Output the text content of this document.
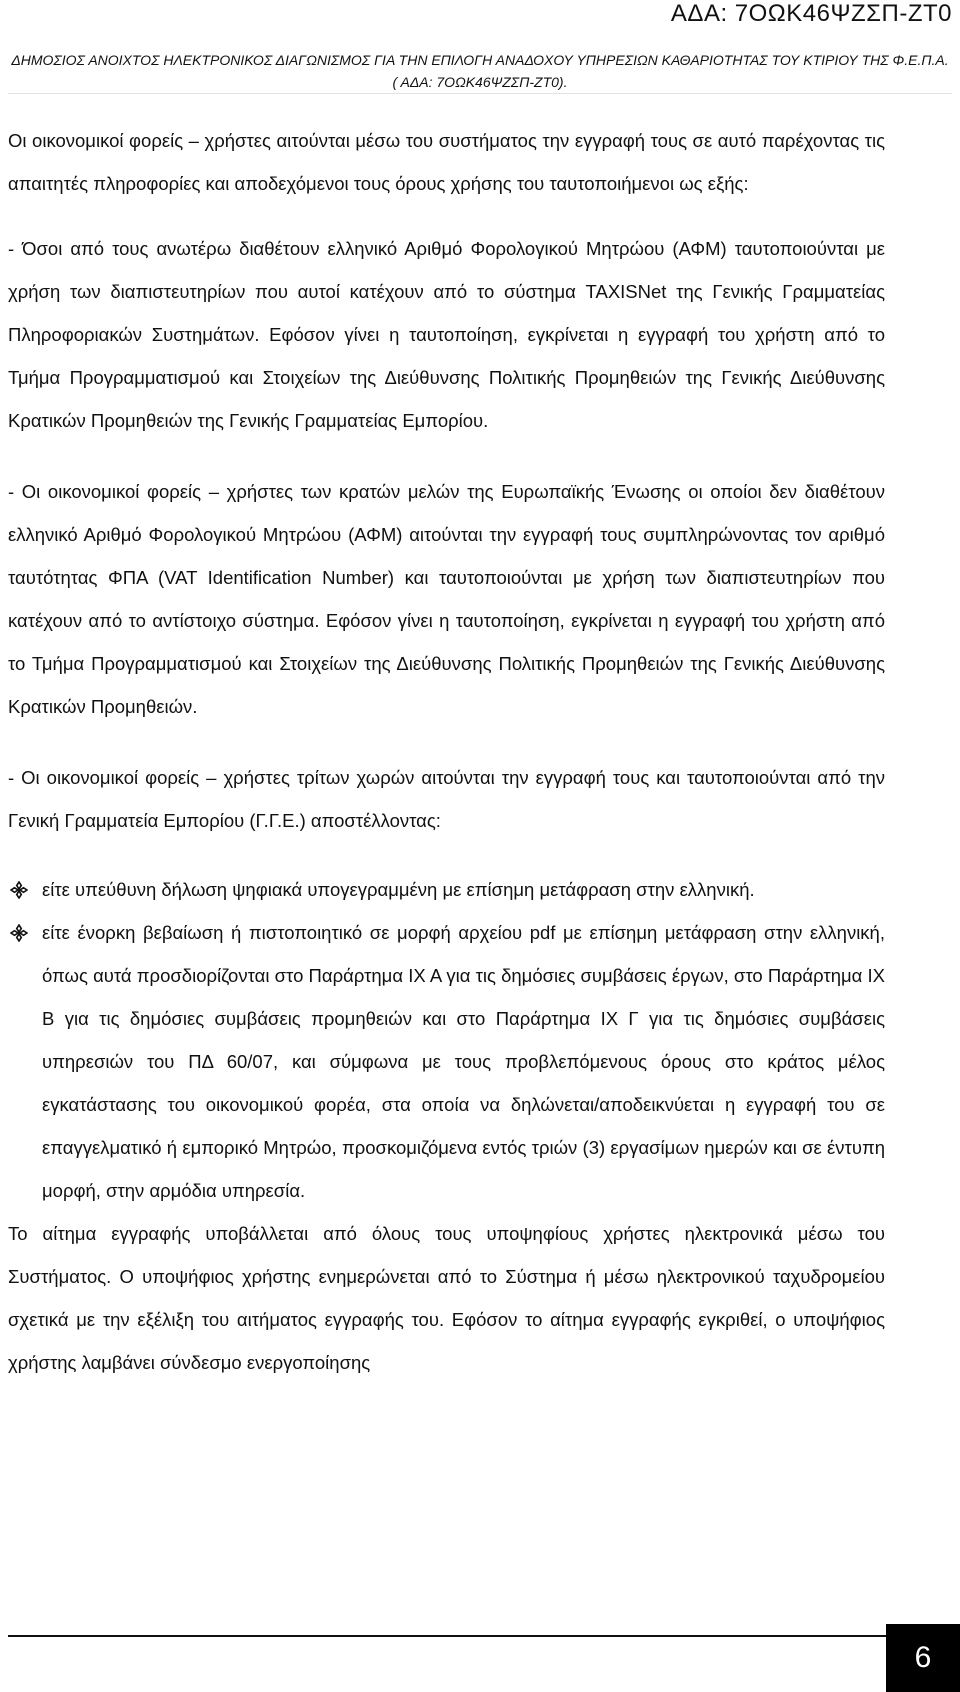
ΑΔΑ: 7ΟΩΚ46ΨΖΣΠ-ΖΤ0
ΔΗΜΟΣΙΟΣ ΑΝΟΙΧΤΟΣ ΗΛΕΚΤΡΟΝΙΚΟΣ ΔΙΑΓΩΝΙΣΜΟΣ ΓΙΑ ΤΗΝ ΕΠΙΛΟΓΗ ΑΝΑΔΟΧΟΥ ΥΠΗΡΕΣΙΩΝ ΚΑΘΑΡΙΟΤΗΤΑΣ ΤΟΥ ΚΤΙΡΙΟΥ ΤΗΣ Φ.Ε.Π.Α. ( ΑΔΑ: 7ΟΩΚ46ΨΖΣΠ-ΖΤ0).

Οι οικονομικοί φορείς – χρήστες αιτούνται μέσω του συστήματος την εγγραφή τους σε αυτό παρέχοντας τις απαιτητές πληροφορίες και αποδεχόμενοι τους όρους χρήσης του ταυτοποιήμενοι ως εξής:

- Όσοι από τους ανωτέρω διαθέτουν ελληνικό Αριθμό Φορολογικού Μητρώου (ΑΦΜ) ταυτοποιούνται με χρήση των διαπιστευτηρίων που αυτοί κατέχουν από το σύστημα TAXISNet της Γενικής Γραμματείας Πληροφοριακών Συστημάτων. Εφόσον γίνει η ταυτοποίηση, εγκρίνεται η εγγραφή του χρήστη από το Τμήμα Προγραμματισμού και Στοιχείων της Διεύθυνσης Πολιτικής Προμηθειών της Γενικής Διεύθυνσης Κρατικών Προμηθειών της Γενικής Γραμματείας Εμπορίου.

- Οι οικονομικοί φορείς – χρήστες των κρατών μελών της Ευρωπαϊκής Ένωσης οι οποίοι δεν διαθέτουν ελληνικό Αριθμό Φορολογικού Μητρώου (ΑΦΜ) αιτούνται την εγγραφή τους συμπληρώνοντας τον αριθμό ταυτότητας ΦΠΑ (VAT Identification Number) και ταυτοποιούνται με χρήση των διαπιστευτηρίων που κατέχουν από το αντίστοιχο σύστημα. Εφόσον γίνει η ταυτοποίηση, εγκρίνεται η εγγραφή του χρήστη από το Τμήμα Προγραμματισμού και Στοιχείων της Διεύθυνσης Πολιτικής Προμηθειών της Γενικής Διεύθυνσης Κρατικών Προμηθειών.

- Οι οικονομικοί φορείς – χρήστες τρίτων χωρών αιτούνται την εγγραφή τους και ταυτοποιούνται από την Γενική Γραμματεία Εμπορίου (Γ.Γ.Ε.) αποστέλλοντας:

είτε υπεύθυνη δήλωση ψηφιακά υπογεγραμμένη με επίσημη μετάφραση στην ελληνική.
είτε ένορκη βεβαίωση ή πιστοποιητικό σε μορφή αρχείου pdf με επίσημη μετάφραση στην ελληνική, όπως αυτά προσδιορίζονται στο Παράρτημα ΙΧ Α για τις δημόσιες συμβάσεις έργων, στο Παράρτημα ΙΧ Β για τις δημόσιες συμβάσεις προμηθειών και στο Παράρτημα ΙΧ Γ για τις δημόσιες συμβάσεις υπηρεσιών του ΠΔ 60/07, και σύμφωνα με τους προβλεπόμενους όρους στο κράτος μέλος εγκατάστασης του οικονομικού φορέα, στα οποία να δηλώνεται/αποδεικνύεται η εγγραφή του σε επαγγελματικό ή εμπορικό Μητρώο, προσκομιζόμενα εντός τριών (3) εργασίμων ημερών και σε έντυπη μορφή, στην αρμόδια υπηρεσία.

Το αίτημα εγγραφής υποβάλλεται από όλους τους υποψηφίους χρήστες ηλεκτρονικά μέσω του Συστήματος. Ο υποψήφιος χρήστης ενημερώνεται από το Σύστημα ή μέσω ηλεκτρονικού ταχυδρομείου σχετικά με την εξέλιξη του αιτήματος εγγραφής του. Εφόσον το αίτημα εγγραφής εγκριθεί, ο υποψήφιος χρήστης λαμβάνει σύνδεσμο ενεργοποίησης

6
